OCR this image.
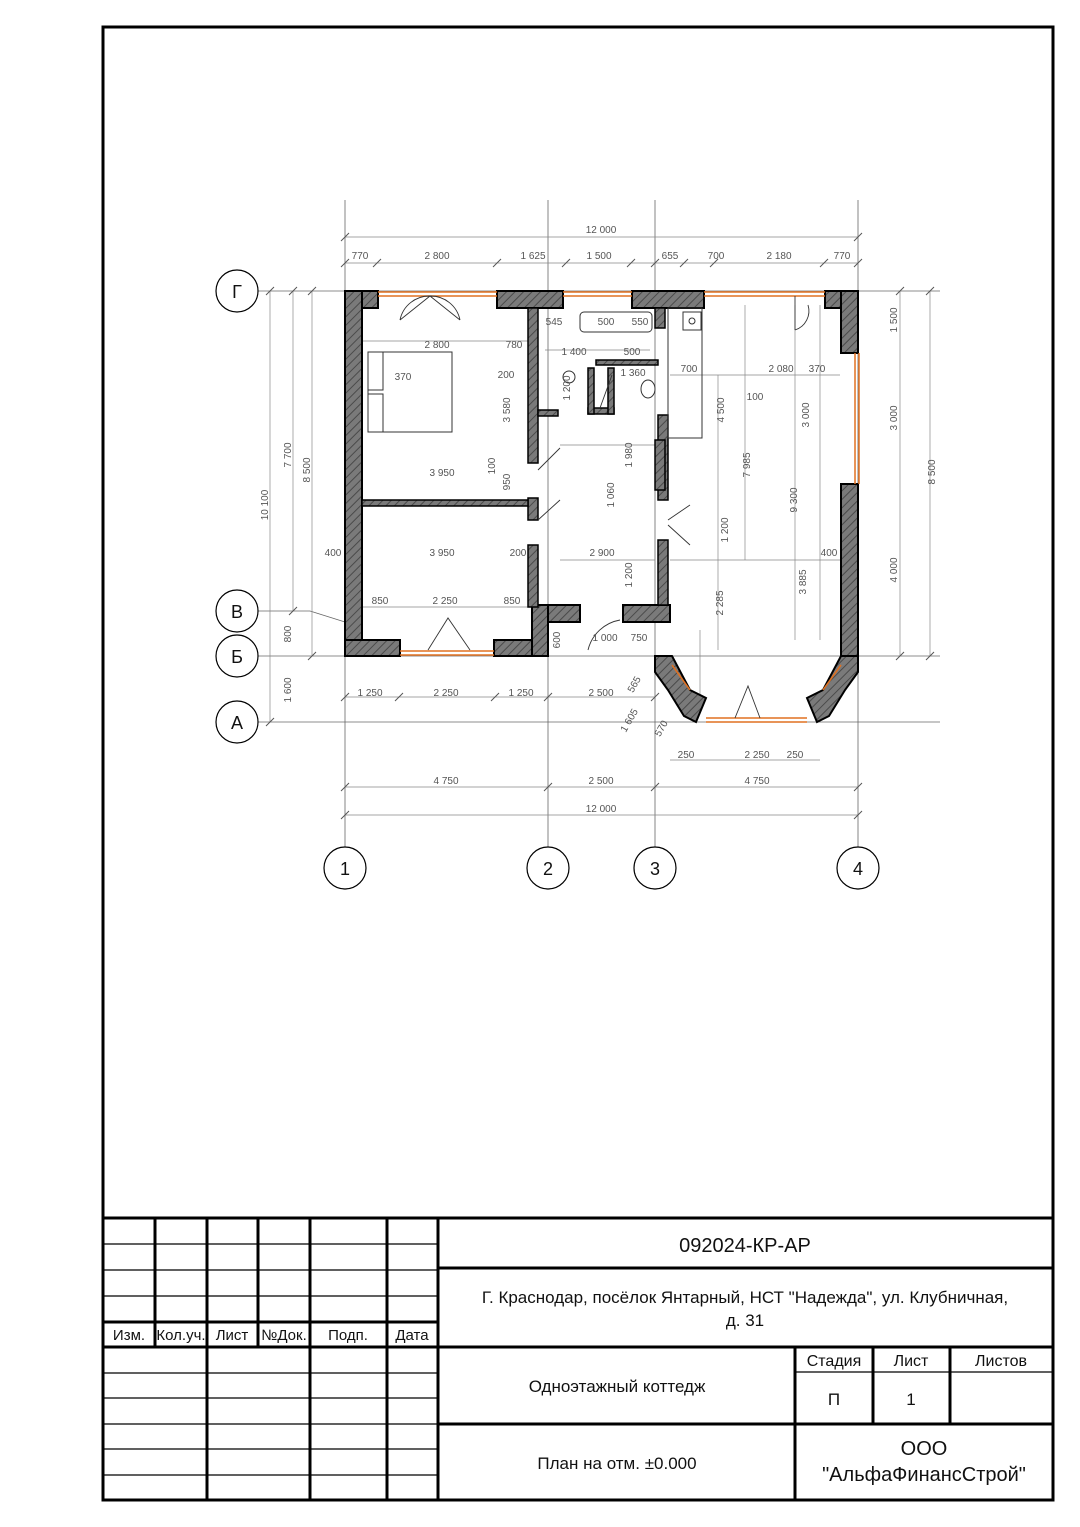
Г
В
Б
А
1	2	3	4
12 000
770	2 800	1 625	1 500	655	700	2 180	770
1 250	2 250	1 250	2 500
250	2 250 250
4 750	2 500	4 750
12 000
10 100
7 700
8 500
400
800
1 600
1 500
3 000
4 000
8 500
2 800
370
780
200
3 580
3 950	100
950
545	500 550
1 400
1 200
1 360	700
500
4 500
2 080 370
100
1 200
1 060
1 980	7 985
9 300
3 000
3 950	2 900
200	400
1 200	3 885
2 285
850	2 250	850
600	1 000 750
565
1 605 570
Изм. Кол.уч. Лист №Док. Подп. Дата
092024-КР-АР
Г. Краснодар, посёлок Янтарный, НСТ "Надежда", ул. Клубничная,
д. 31
Одноэтажный коттедж
План на отм. ±0.000
Стадия Лист	Листов
П	1
ООО
"АльфаФинансСтрой"
